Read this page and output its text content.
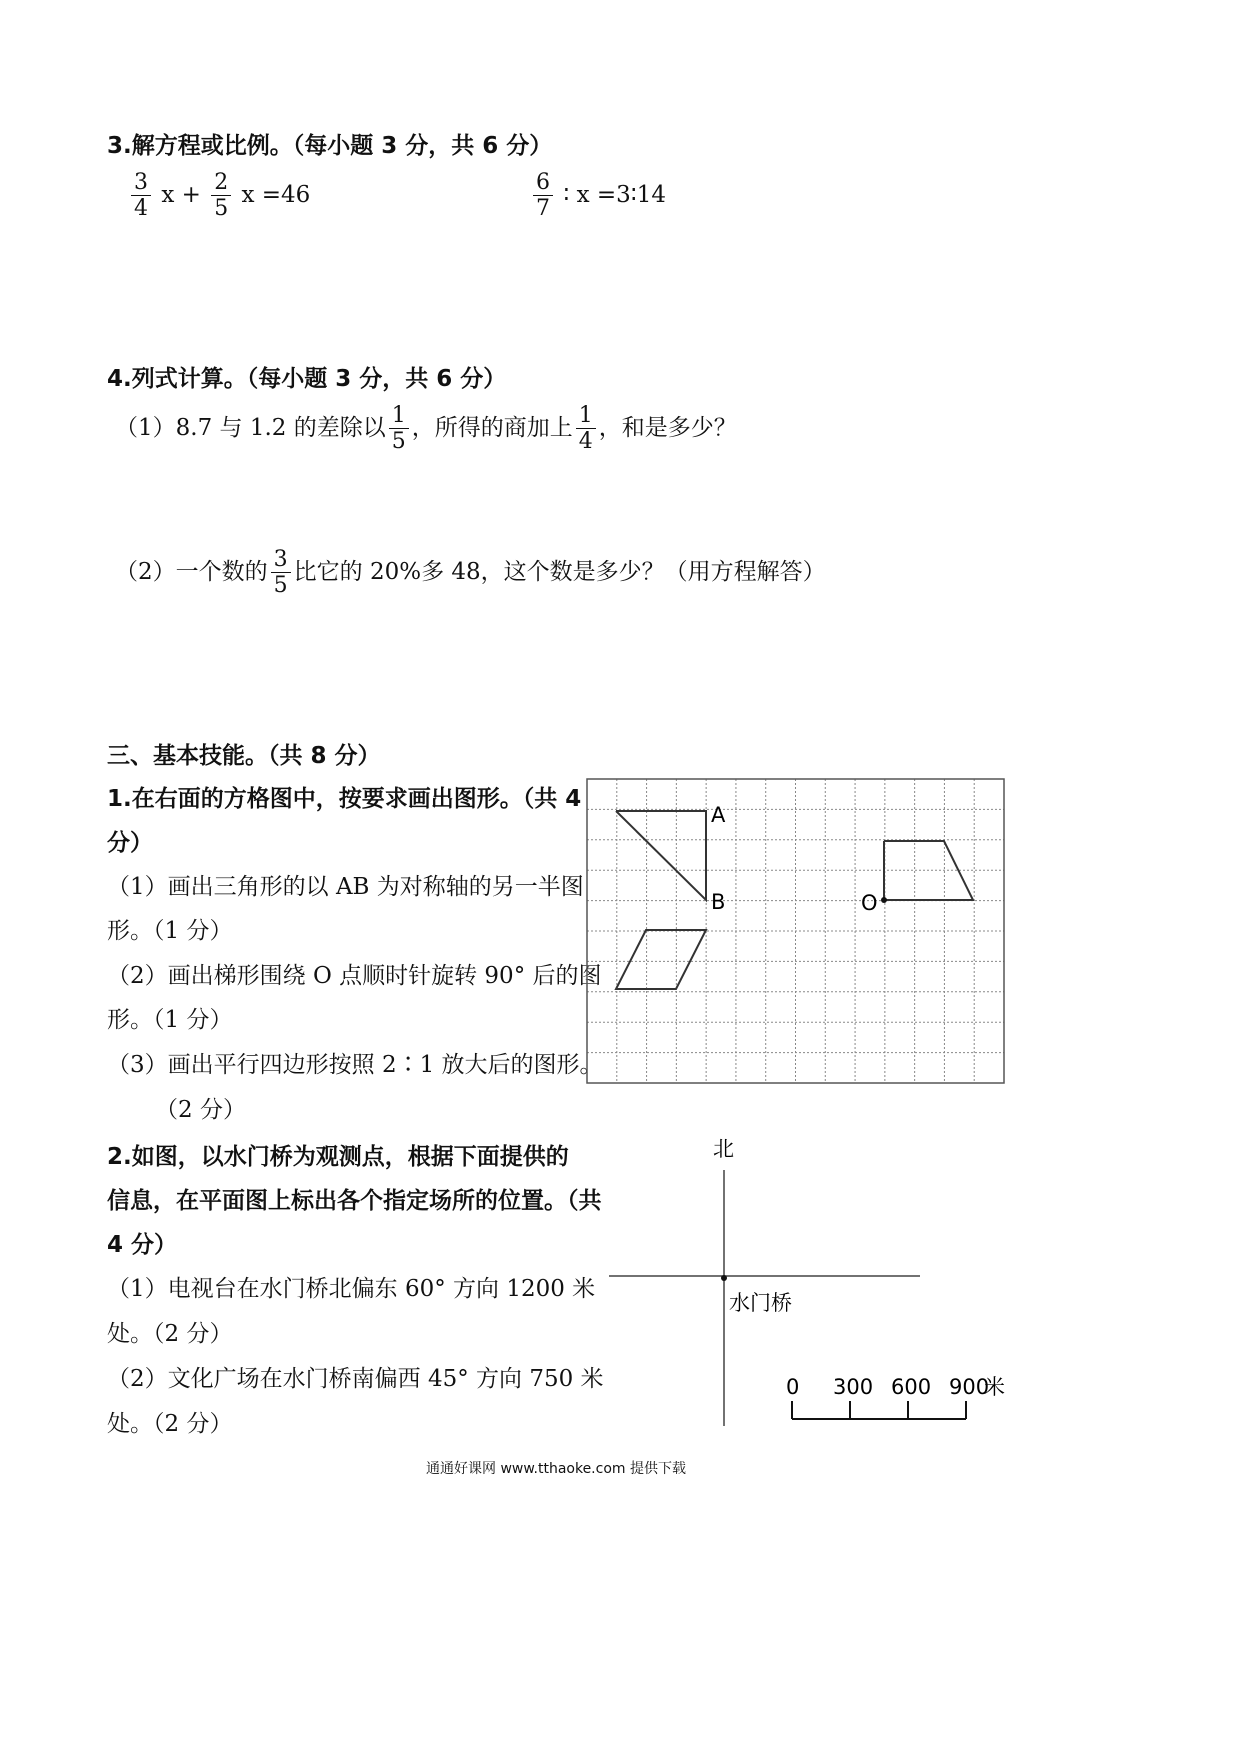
3.解方程或比例。（每小题 3 分，共 6 分）
$\frac{3}{4}$ $x + \frac{2}{5}$ x =46	$\frac{6}{7}$ ∶ x =3∶14
4.列式计算。（每小题 3 分，共 6 分）
（1）8.7 与 1.2 的差除以 $\frac{1}{5}$ ，所得的商加上 $\frac{1}{4}$ ，和是多少？
（2）一个数的 $\frac{3}{5}$ 比它的 20%多 48，这个数是多少？（用方程解答）
三、基本技能。（共 8 分）
1.在右面的方格图中，按要求画出图形。（共 4
分）
（1）画出三角形的以 AB 为对称轴的另一半图
形。（1 分）
（2）画出梯形围绕 O 点顺时针旋转 90° 后的图
形。（1 分）
（3）画出平行四边形按照 2∶1 放大后的图形。
（2 分）
A
B	O
2.如图，以水门桥为观测点，根据下面提供的
信息，在平面图上标出各个指定场所的位置。（共
4 分）
（1）电视台在水门桥北偏东 60° 方向 1200 米
处。（2 分）
（2）文化广场在水门桥南偏西 45° 方向 750 米
处。（2 分）
北
水门桥
0 300 600 900
米
通通好课网 www.tthaoke.com 提供下载
